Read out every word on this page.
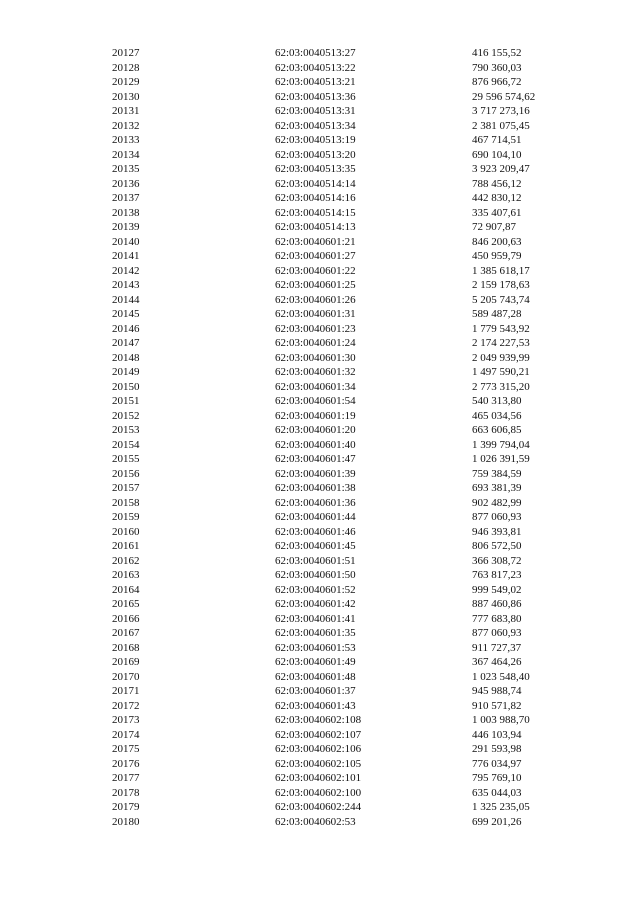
20127	62:03:0040513:27	416 155,52
20128	62:03:0040513:22	790 360,03
20129	62:03:0040513:21	876 966,72
20130	62:03:0040513:36	29 596 574,62
20131	62:03:0040513:31	3 717 273,16
20132	62:03:0040513:34	2 381 075,45
20133	62:03:0040513:19	467 714,51
20134	62:03:0040513:20	690 104,10
20135	62:03:0040513:35	3 923 209,47
20136	62:03:0040514:14	788 456,12
20137	62:03:0040514:16	442 830,12
20138	62:03:0040514:15	335 407,61
20139	62:03:0040514:13	72 907,87
20140	62:03:0040601:21	846 200,63
20141	62:03:0040601:27	450 959,79
20142	62:03:0040601:22	1 385 618,17
20143	62:03:0040601:25	2 159 178,63
20144	62:03:0040601:26	5 205 743,74
20145	62:03:0040601:31	589 487,28
20146	62:03:0040601:23	1 779 543,92
20147	62:03:0040601:24	2 174 227,53
20148	62:03:0040601:30	2 049 939,99
20149	62:03:0040601:32	1 497 590,21
20150	62:03:0040601:34	2 773 315,20
20151	62:03:0040601:54	540 313,80
20152	62:03:0040601:19	465 034,56
20153	62:03:0040601:20	663 606,85
20154	62:03:0040601:40	1 399 794,04
20155	62:03:0040601:47	1 026 391,59
20156	62:03:0040601:39	759 384,59
20157	62:03:0040601:38	693 381,39
20158	62:03:0040601:36	902 482,99
20159	62:03:0040601:44	877 060,93
20160	62:03:0040601:46	946 393,81
20161	62:03:0040601:45	806 572,50
20162	62:03:0040601:51	366 308,72
20163	62:03:0040601:50	763 817,23
20164	62:03:0040601:52	999 549,02
20165	62:03:0040601:42	887 460,86
20166	62:03:0040601:41	777 683,80
20167	62:03:0040601:35	877 060,93
20168	62:03:0040601:53	911 727,37
20169	62:03:0040601:49	367 464,26
20170	62:03:0040601:48	1 023 548,40
20171	62:03:0040601:37	945 988,74
20172	62:03:0040601:43	910 571,82
20173	62:03:0040602:108	1 003 988,70
20174	62:03:0040602:107	446 103,94
20175	62:03:0040602:106	291 593,98
20176	62:03:0040602:105	776 034,97
20177	62:03:0040602:101	795 769,10
20178	62:03:0040602:100	635 044,03
20179	62:03:0040602:244	1 325 235,05
20180	62:03:0040602:53	699 201,26
